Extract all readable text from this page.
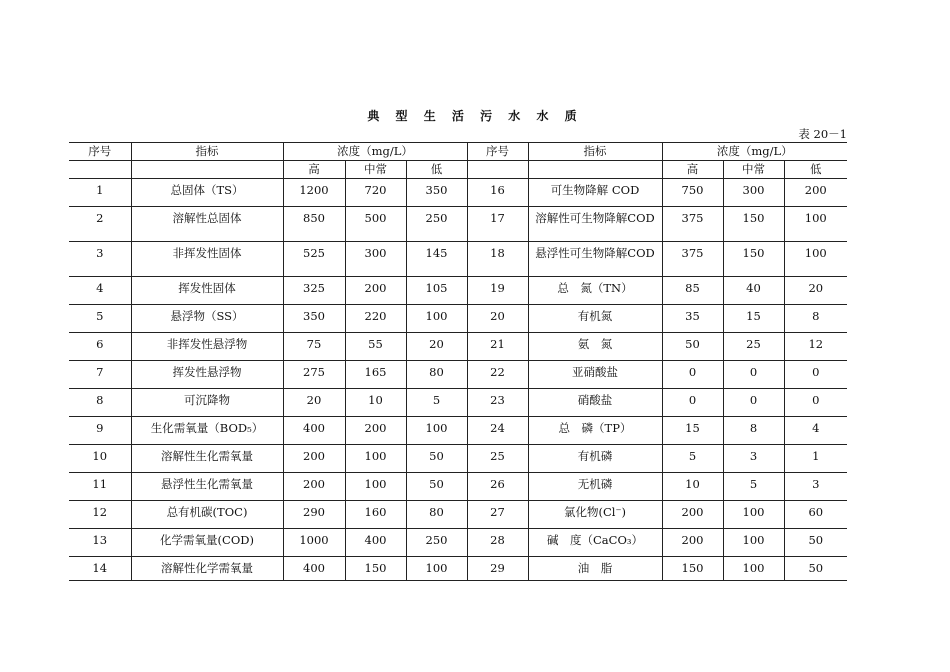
典 型 生 活 污 水 水 质
表 20－1
序号	指标	浓度（mg/L）			序号	指标	浓度（mg/L）		
		高	中常	低			高	中常	低
1	总固体（TS）	1200	720	350	16	可生物降解 COD	750	300	200
2	溶解性总固体	850	500	250	17	溶解性可生物降解COD	375	150	100
3	非挥发性固体	525	300	145	18	悬浮性可生物降解COD	375	150	100
4	挥发性固体	325	200	105	19	总　氮（TN）	85	40	20
5	悬浮物（SS）	350	220	100	20	有机氮	35	15	8
6	非挥发性悬浮物	75	55	20	21	氨　氮	50	25	12
7	挥发性悬浮物	275	165	80	22	亚硝酸盐	0	0	0
8	可沉降物	20	10	5	23	硝酸盐	0	0	0
9	生化需氧量（BOD₅）	400	200	100	24	总　磷（TP）	15	8	4
10	溶解性生化需氧量	200	100	50	25	有机磷	5	3	1
11	悬浮性生化需氧量	200	100	50	26	无机磷	10	5	3
12	总有机碳(TOC)	290	160	80	27	氯化物(Cl⁻)	200	100	60
13	化学需氧量(COD)	1000	400	250	28	碱　度（CaCO₃）	200	100	50
14	溶解性化学需氧量	400	150	100	29	油　脂	150	100	50
